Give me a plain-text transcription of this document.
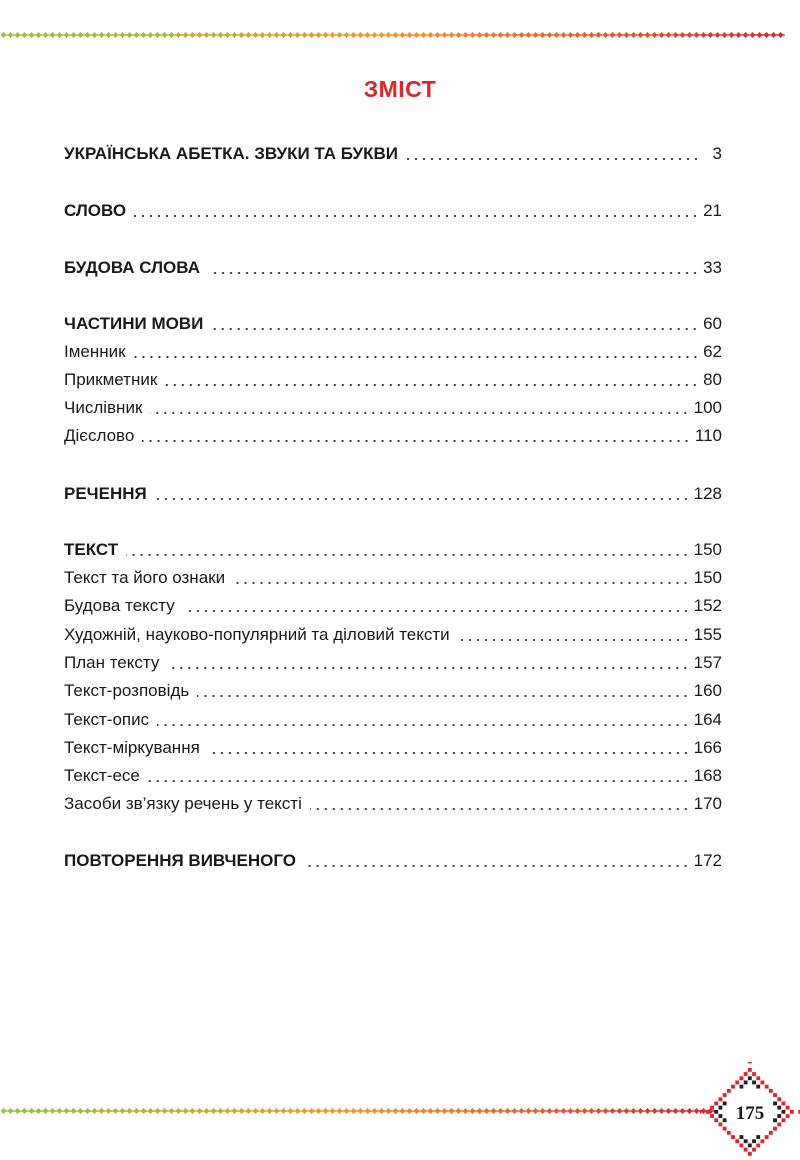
ЗМІСТ
УКРАЇНСЬКА АБЕТКА. ЗВУКИ ТА БУКВИ	3
СЛОВО	21
БУДОВА СЛОВА	33
ЧАСТИНИ МОВИ	60
Іменник	62
Прикметник	80
Числівник	100
Дієслово	110
РЕЧЕННЯ	128
ТЕКСТ	150
Текст та його ознаки	150
Будова тексту	152
Художній, науково-популярний та діловий тексти	155
План тексту	157
Текст-розповідь	160
Текст-опис	164
Текст-міркування	166
Текст-есе	168
Засоби зв’язку речень у тексті	170
ПОВТОРЕННЯ ВИВЧЕНОГО	172
175
